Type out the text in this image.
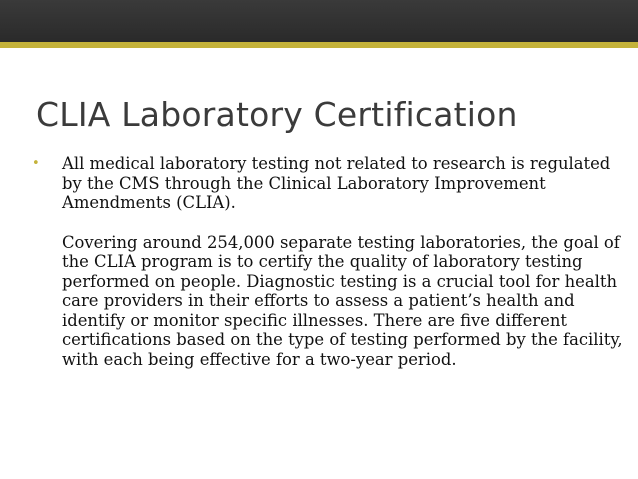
CLIA Laboratory Certification
• All medical laboratory testing not related to research is regulated by the CMS through the Clinical Laboratory Improvement Amendments (CLIA).

Covering around 254,000 separate testing laboratories, the goal of the CLIA program is to certify the quality of laboratory testing performed on people. Diagnostic testing is a crucial tool for health care providers in their efforts to assess a patient’s health and identify or monitor specific illnesses. There are five different certifications based on the type of testing performed by the facility, with each being effective for a two-year period.
